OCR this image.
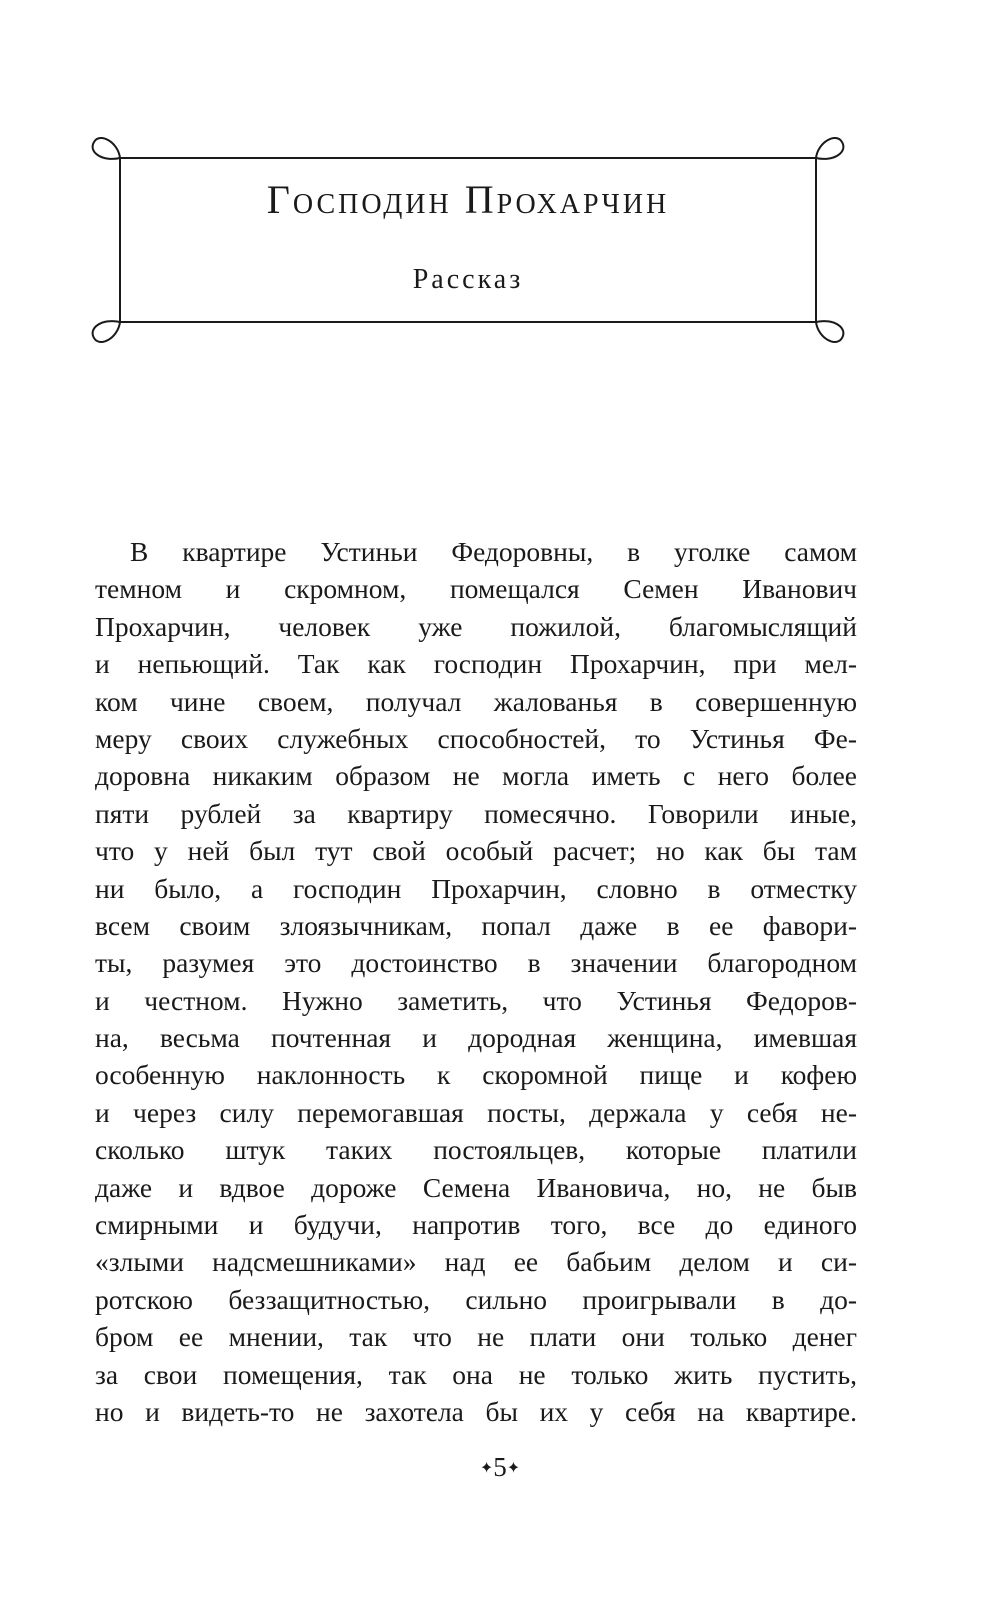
Господин Прохарчин
Рассказ
В квартире Устиньи Федоровны, в уголке самом
темном и скромном, помещался Семен Иванович
Прохарчин, человек уже пожилой, благомыслящий
и непьющий. Так как господин Прохарчин, при мел-
ком чине своем, получал жалованья в совершенную
меру своих служебных способностей, то Устинья Фе-
доровна никаким образом не могла иметь с него более
пяти рублей за квартиру помесячно. Говорили иные,
что у ней был тут свой особый расчет; но как бы там
ни было, а господин Прохарчин, словно в отместку
всем своим злоязычникам, попал даже в ее фавори-
ты, разумея это достоинство в значении благородном
и честном. Нужно заметить, что Устинья Федоров-
на, весьма почтенная и дородная женщина, имевшая
особенную наклонность к скоромной пище и кофею
и через силу перемогавшая посты, держала у себя не-
сколько штук таких постояльцев, которые платили
даже и вдвое дороже Семена Ивановича, но, не быв
смирными и будучи, напротив того, все до единого
«злыми надсмешниками» над ее бабьим делом и си-
ротскою беззащитностью, сильно проигрывали в до-
бром ее мнении, так что не плати они только денег
за свои помещения, так она не только жить пустить,
но и видеть-то не захотела бы их у себя на квартире.
✦5✦
